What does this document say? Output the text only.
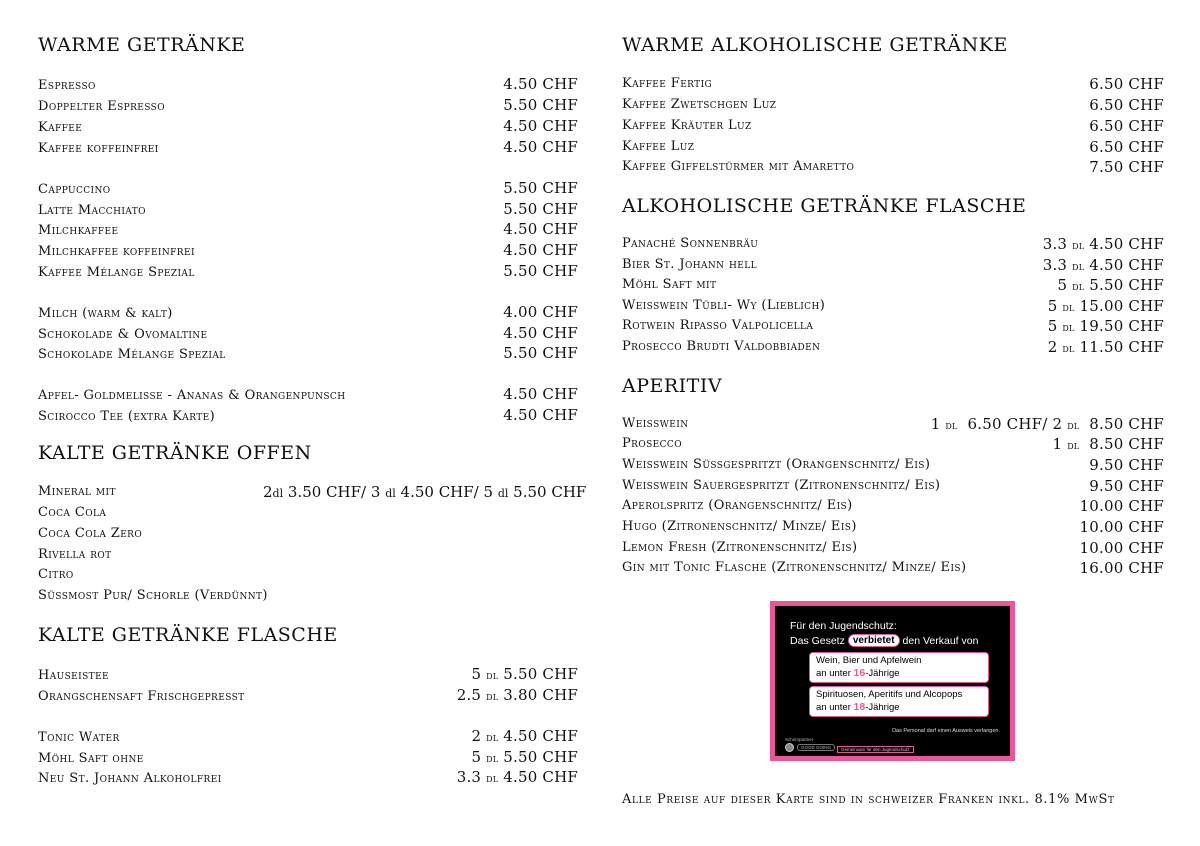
WARME GETRÄNKE
Espresso	4.50 CHF
Doppelter Espresso	5.50 CHF
Kaffee	4.50 CHF
Kaffee koffeinfrei	4.50 CHF
Cappuccino	5.50 CHF
Latte Macchiato	5.50 CHF
Milchkaffee	4.50 CHF
Milchkaffee koffeinfrei	4.50 CHF
Kaffee Mélange Spezial	5.50 CHF
Milch (warm & kalt)	4.00 CHF
Schokolade & Ovomaltine	4.50 CHF
Schokolade Mélange Spezial	5.50 CHF
Apfel- Goldmelisse - Ananas & Orangenpunsch	4.50 CHF
Scirocco Tee (extra Karte)	4.50 CHF
KALTE GETRÄNKE OFFEN
Mineral mit	2dl 3.50 CHF/ 3 dl 4.50 CHF/ 5 dl 5.50 CHF
Coca Cola
Coca Cola Zero
Rivella rot
Citro
Süssmost Pur/ Schorle (Verdünnt)
KALTE GETRÄNKE FLASCHE
Hauseistee	5 dl 5.50 CHF
Orangschensaft Frischgepresst	2.5 dl 3.80 CHF
Tonic Water	2 dl 4.50 CHF
Möhl Saft ohne	5 dl 5.50 CHF
Neu St. Johann Alkoholfrei	3.3 dl 4.50 CHF
WARME ALKOHOLISCHE GETRÄNKE
Kaffee Fertig	6.50 CHF
Kaffee Zwetschgen Luz	6.50 CHF
Kaffee Kräuter Luz	6.50 CHF
Kaffee Luz	6.50 CHF
Kaffee Giffelstürmer mit Amaretto	7.50 CHF
ALKOHOLISCHE GETRÄNKE FLASCHE
Panaché Sonnenbräu	3.3 dl 4.50 CHF
Bier St. Johann hell	3.3 dl 4.50 CHF
Möhl Saft mit	5 dl 5.50 CHF
Weisswein Tübli- Wy (Lieblich)	5 dl 15.00 CHF
Rotwein Ripasso Valpolicella	5 dl 19.50 CHF
Prosecco Brudti Valdobbiaden	2 dl 11.50 CHF
APERITIV
Weisswein	1 dl 6.50 CHF/ 2 dl 8.50 CHF
Prosecco	1 dl 8.50 CHF
Weisswein Süssgespritzt (Orangenschnitz/ Eis)	9.50 CHF
Weisswein Sauergespritzt (Zitronenschnitz/ Eis)	9.50 CHF
Aperolspritz (Orangenschnitz/ Eis)	10.00 CHF
Hugo (Zitronenschnitz/ Minze/ Eis)	10.00 CHF
Lemon Fresh (Zitronenschnitz/ Eis)	10.00 CHF
Gin mit Tonic Flasche (Zitronenschnitz/ Minze/ Eis)	16.00 CHF
Für den Jugendschutz:
Das Gesetz verbietet den Verkauf von
Wein, Bier und Apfelwein
an unter 16-Jährige
Spirituosen, Aperitifs und Alcopops
an unter 18-Jährige
Das Personal darf einen Ausweis verlangen.
Schirmpartner
GOOD GOING	Gemeinsam für den Jugendschutz
Alle Preise auf dieser Karte sind in schweizer Franken inkl. 8.1% MwSt
